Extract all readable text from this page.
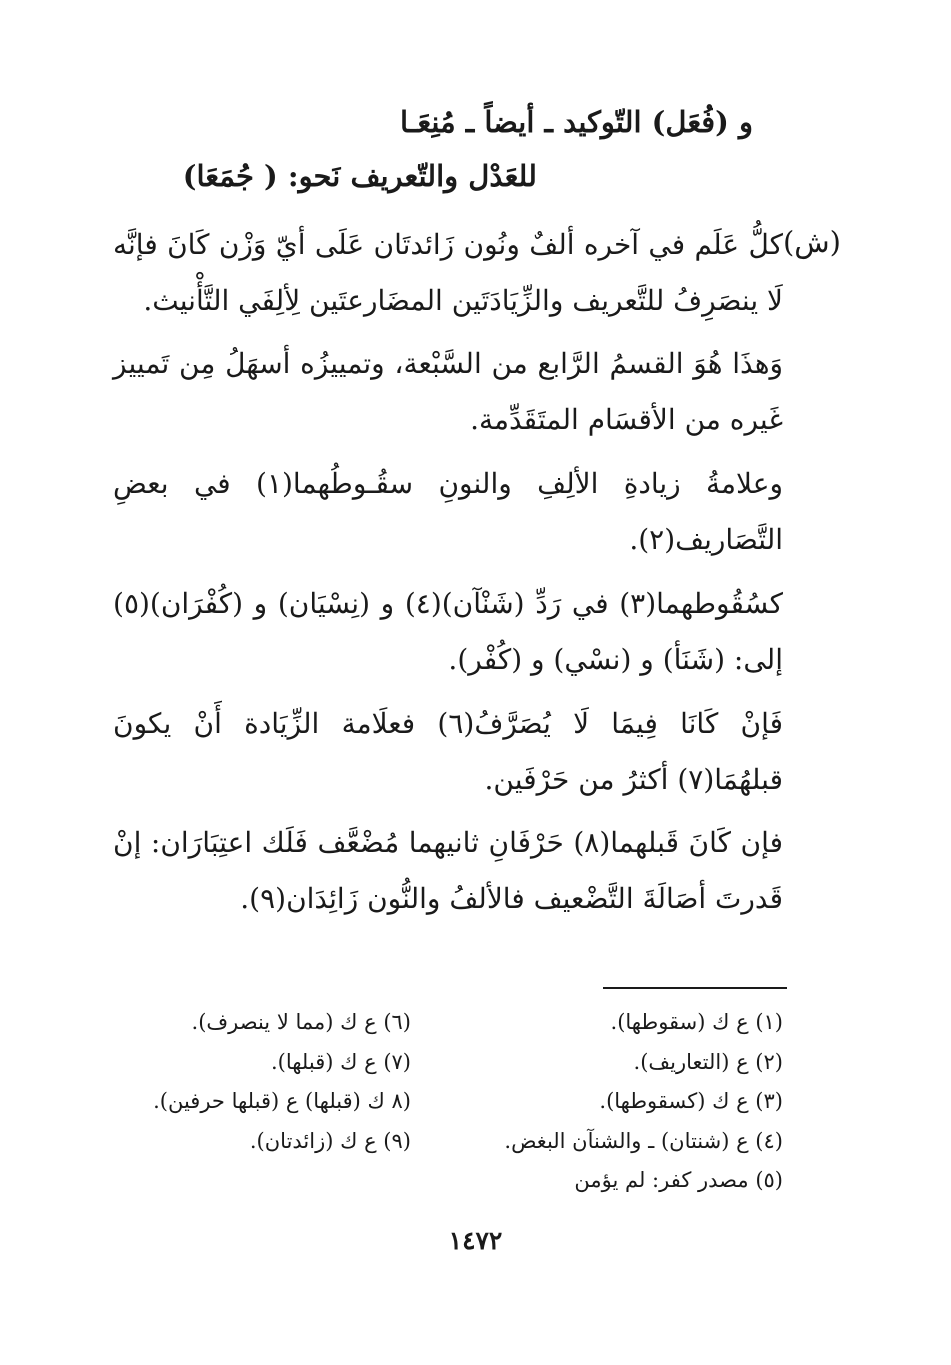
و (فُعَل) التّوكيد ـ أيضاً ـ مُنِعَـا
للعَدْل والتّعريف نَحو: ( جُمَعَا)
(ش)
كلُّ عَلَم في آخره ألفٌ ونُون زَائدتَان عَلَى أيّ وَزْن كَانَ فإنَّه لَا ينصَرِفُ للتَّعريف والزِّيَادَتَين المضَارعتَين لِألِفَي التَّأْنيث.
وَهذَا هُوَ القسمُ الرَّابع من السَّبْعة، وتمييزُه أسهَلُ مِن تَمييز غَيره من الأقسَام المتَقَدِّمة.
وعلامةُ زيادةِ الألِفِ والنونِ سقُـوطُهما(١) في بعضِ التَّصَاريف(٢).
كسُقُوطهما(٣) في رَدِّ (شَنْآن)(٤) و (نِسْيَان) و (كُفْرَان)(٥) إلى: (شَنَأ) و (نسْي) و (كُفْر).
فَإنْ كَانَا فِيمَا لَا يُصَرَّفُ(٦) فعلَامة الزِّيَادة أَنْ يكونَ قبلهُمَا(٧) أكثرُ من حَرْفَين.
فإن كَانَ قَبلهما(٨) حَرْفَانِ ثانيهما مُضْعَّف فَلَك اعتِبَارَان: إنْ قَدرتَ أصَالَةَ التَّضْعيف فالألفُ والنُّون زَائِدَان(٩).
(١) ع ك (سقوطها).
(٢) ع (التعاريف).
(٣) ع ك (كسقوطها).
(٤) ع (شنتان) ـ والشنآن البغض.
(٥) مصدر كفر: لم يؤمن
(٦) ع ك (مما لا ينصرف).
(٧) ع ك (قبلها).
(٨ ك (قبلها) ع (قبلها حرفين).
(٩) ع ك (زائدتان).
١٤٧٢
